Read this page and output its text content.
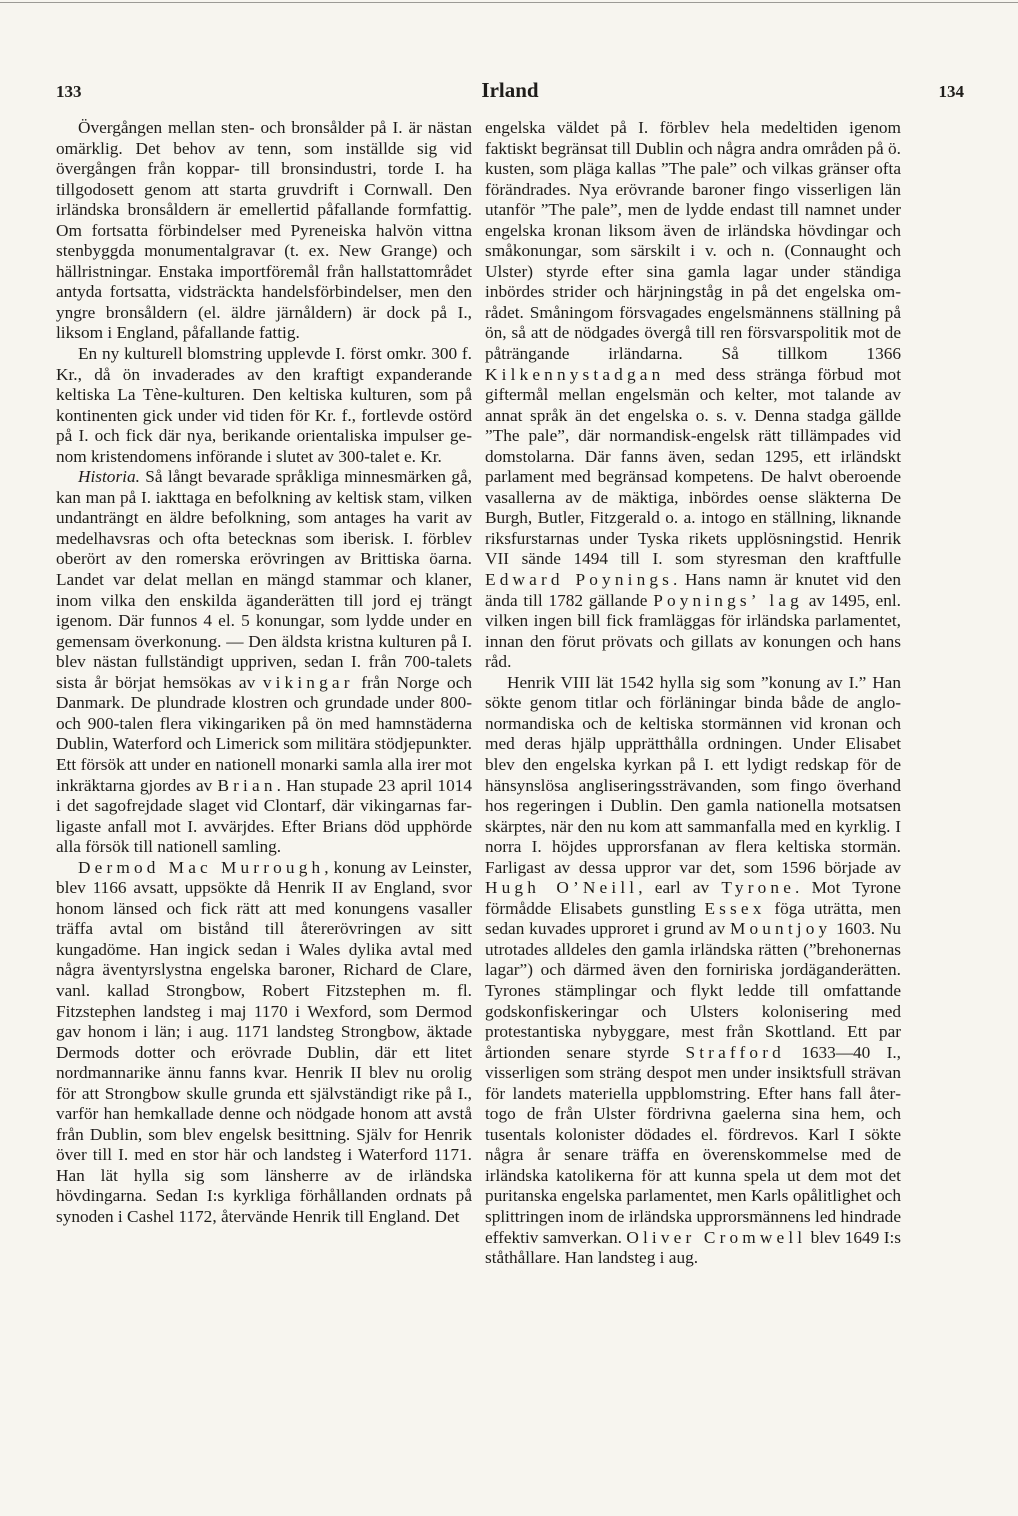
133	Irland	134

Övergången mellan sten- och bronsålder på I. är nästan omärklig. Det behov av tenn, som inställde sig vid övergången från koppar- till bronsindustri, torde I. ha tillgodosett genom att starta gruvdrift i Cornwall. Den irländska bronsåldern är emellertid påfallande formfattig. Om fortsatta förbindelser med Pyreneiska halvön vittna stenbyggda monumentalgravar (t. ex. New Grange) och hällristningar. Enstaka importföremål från hallstattområdet antyda fortsatta, vidsträckta handelsförbindelser, men den yngre bronsåldern (el. äldre järnåldern) är dock på I., liksom i England, påfallande fattig.

En ny kulturell blomstring upplevde I. först omkr. 300 f. Kr., då ön invaderades av den kraftigt expanderande keltiska La Tène-kulturen. Den keltiska kulturen, som på kontinenten gick under vid tiden för Kr. f., fortlevde ostörd på I. och fick där nya, berikande orientaliska impulser genom kristendomens införande i slutet av 300-talet e. Kr.

Historia. Så långt bevarade språkliga minnesmärken gå, kan man på I. iakttaga en befolkning av keltisk stam, vilken undanträngt en äldre befolkning, som antages ha varit av medelhavsras och ofta betecknas som iberisk. I. förblev oberört av den romerska erövringen av Brittiska öarna. Landet var delat mellan en mängd stammar och klaner, inom vilka den enskilda äganderätten till jord ej trängt igenom. Där funnos 4 el. 5 konungar, som lydde under en gemensam överkonung. — Den äldsta kristna kulturen på I. blev nästan fullständigt uppriven, sedan I. från 700-talets sista år börjat hemsökas av vikingar från Norge och Danmark. De plundrade klostren och grundade under 800- och 900-talen flera vikingariken på ön med hamnstäderna Dublin, Waterford och Limerick som militära stödjepunkter. Ett försök att under en nationell monarki samla alla irer mot inkräktarna gjordes av Brian. Han stupade 23 april 1014 i det sagofrejdade slaget vid Clontarf, där vikingarnas farligaste anfall mot I. avvärjdes. Efter Brians död upphörde alla försök till nationell samling.

Dermod Mac Murrough, konung av Leinster, blev 1166 avsatt, uppsökte då Henrik II av England, svor honom länsed och fick rätt att med konungens vasaller träffa avtal om bistånd till återerövringen av sitt kungadöme. Han ingick sedan i Wales dylika avtal med några äventyrslystna engelska baroner, Richard de Clare, vanl. kallad Strongbow, Robert Fitzstephen m. fl. Fitzstephen landsteg i maj 1170 i Wexford, som Dermod gav honom i län; i aug. 1171 landsteg Strongbow, äktade Dermods dotter och erövrade Dublin, där ett litet nordmannarike ännu fanns kvar. Henrik II blev nu orolig för att Strongbow skulle grunda ett självständigt rike på I., varför han hemkallade denne och nödgade honom att avstå från Dublin, som blev engelsk besittning. Själv for Henrik över till I. med en stor här och landsteg i Waterford 1171. Han lät hylla sig som länsherre av de irländska hövdingarna. Sedan I:s kyrkliga förhållanden ordnats på synoden i Cashel 1172, återvände Henrik till England. Det

engelska väldet på I. förblev hela medeltiden igenom faktiskt begränsat till Dublin och några andra områden på ö. kusten, som pläga kallas ”The pale” och vilkas gränser ofta förändrades. Nya erövrande baroner fingo visserligen län utanför ”The pale”, men de lydde endast till namnet under engelska kronan liksom även de irländska hövdingar och småkonungar, som särskilt i v. och n. (Connaught och Ulster) styrde efter sina gamla lagar under ständiga inbördes strider och härjningståg in på det engelska området. Småningom försvagades engelsmännens ställning på ön, så att de nödgades övergå till ren försvarspolitik mot de påträngande irländarna. Så tillkom 1366 Kilkennystadgan med dess stränga förbud mot giftermål mellan engelsmän och kelter, mot talande av annat språk än det engelska o. s. v. Denna stadga gällde ”The pale”, där normandisk-engelsk rätt tillämpades vid domstolarna. Där fanns även, sedan 1295, ett irländskt parlament med begränsad kompetens. De halvt oberoende vasallerna av de mäktiga, inbördes oense släkterna De Burgh, Butler, Fitzgerald o. a. intogo en ställning, liknande riksfurstarnas under Tyska rikets upplösningstid. Henrik VII sände 1494 till I. som styresman den kraftfulle Edward Poynings. Hans namn är knutet vid den ända till 1782 gällande Poynings’ lag av 1495, enl. vilken ingen bill fick framläggas för irländska parlamentet, innan den förut prövats och gillats av konungen och hans råd.

Henrik VIII lät 1542 hylla sig som ”konung av I.” Han sökte genom titlar och förläningar binda både de anglo-normandiska och de keltiska stormännen vid kronan och med deras hjälp upprätthålla ordningen. Under Elisabet blev den engelska kyrkan på I. ett lydigt redskap för de hänsynslösa angliseringssträvanden, som fingo överhand hos regeringen i Dublin. Den gamla nationella motsatsen skärptes, när den nu kom att sammanfalla med en kyrklig. I norra I. höjdes upprorsfanan av flera keltiska stormän. Farligast av dessa uppror var det, som 1596 började av Hugh O’Neill, earl av Tyrone. Mot Tyrone förmådde Elisabets gunstling Essex föga uträtta, men sedan kuvades upproret i grund av Mountjoy 1603. Nu utrotades alldeles den gamla irländska rätten (”brehonernas lagar”) och därmed även den forniriska jordäganderätten. Tyrones stämplingar och flykt ledde till omfattande godskonfiskeringar och Ulsters kolonisering med protestantiska nybyggare, mest från Skottland. Ett par årtionden senare styrde Strafford 1633—40 I., visserligen som sträng despot men under insiktsfull strävan för landets materiella uppblomstring. Efter hans fall återtogo de från Ulster fördrivna gaelerna sina hem, och tusentals kolonister dödades el. fördrevos. Karl I sökte några år senare träffa en överenskommelse med de irländska katolikerna för att kunna spela ut dem mot det puritanska engelska parlamentet, men Karls opålitlighet och splittringen inom de irländska upprorsmännens led hindrade effektiv samverkan. Oliver Cromwell blev 1649 I:s ståthållare. Han landsteg i aug.
